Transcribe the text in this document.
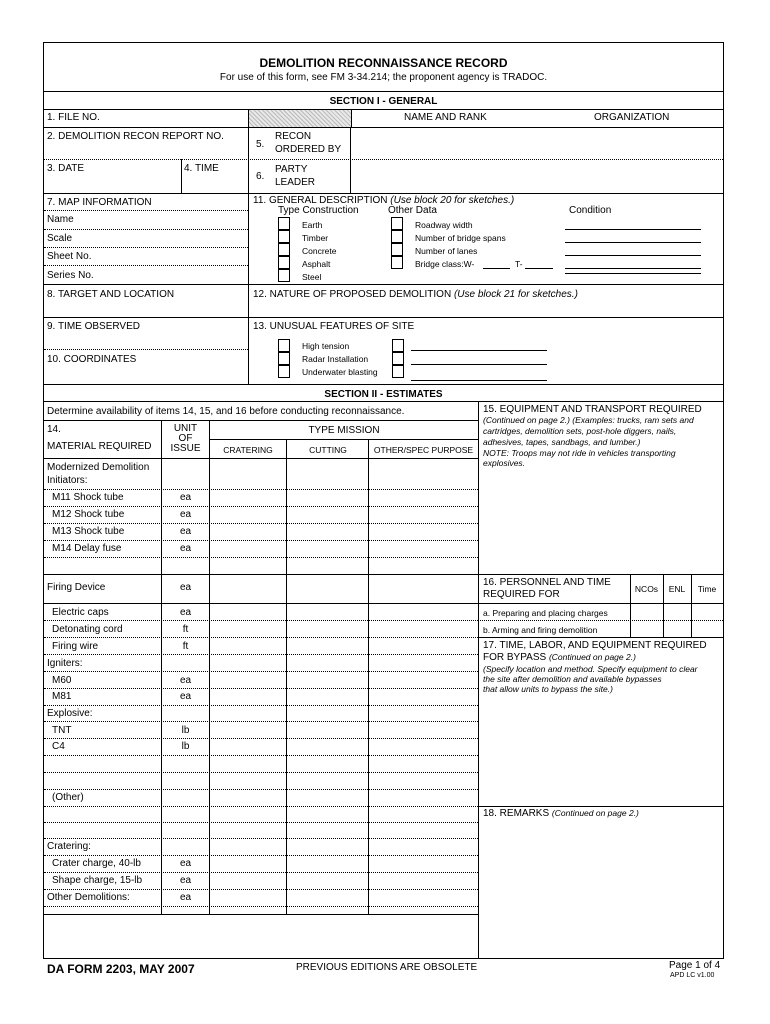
DEMOLITION RECONNAISSANCE RECORD
For use of this form, see FM 3-34.214; the proponent agency is TRADOC.
SECTION I - GENERAL
1. FILE NO.	NAME AND RANK	ORGANIZATION
2. DEMOLITION RECON REPORT NO.
5.
RECON
ORDERED BY
3. DATE	4. TIME
6.
PARTY
LEADER
7. MAP INFORMATION
Name
Scale
Sheet No.
Series No.
11. GENERAL DESCRIPTION (Use block 20 for sketches.)
Type Construction	Other Data	Condition
Earth
Timber
Concrete
Asphalt
Steel
Roadway width
Number of bridge spans
Number of lanes
Bridge class:W-	T-
8. TARGET AND LOCATION	12. NATURE OF PROPOSED DEMOLITION (Use block 21 for sketches.)
9. TIME OBSERVED
10. COORDINATES
13. UNUSUAL FEATURES OF SITE
High tension
Radar Installation
Underwater blasting
SECTION II - ESTIMATES
Determine availability of items 14, 15, and 16 before conducting reconnaissance.
14.
MATERIAL REQUIRED
UNIT
OF
ISSUE
TYPE MISSION
CRATERING	CUTTING	OTHER/SPEC PURPOSE
Modernized Demolition
Initiators:
M11 Shock tube	ea
M12 Shock tube	ea
M13 Shock tube	ea
M14 Delay fuse	ea
Firing Device	ea
Electric caps	ea
Detonating cord	ft
Firing wire	ft
Igniters:
M60	ea
M81	ea
Explosive:
TNT	lb
C4	lb
(Other)
Cratering:
Crater charge, 40-lb	ea
Shape charge, 15-lb	ea
Other Demolitions:	ea
15. EQUIPMENT AND TRANSPORT REQUIRED
(Continued on page 2.) (Examples: trucks, ram sets and
cartridges, demolition sets, post-hole diggers, nails,
adhesives, tapes, sandbags, and lumber.)
NOTE: Troops may not ride in vehicles transporting
explosives.
16. PERSONNEL AND TIME
REQUIRED FOR	NCOs	ENL	Time
a. Preparing and placing charges
b. Arming and firing demolition
17. TIME, LABOR, AND EQUIPMENT REQUIRED
FOR BYPASS (Continued on page 2.)
(Specify location and method. Specify equipment to clear
the site after demolition and available bypasses
that allow units to bypass the site.)
18. REMARKS (Continued on page 2.)
DA FORM 2203, MAY 2007	PREVIOUS EDITIONS ARE OBSOLETE	Page 1 of 4
APD LC v1.00
